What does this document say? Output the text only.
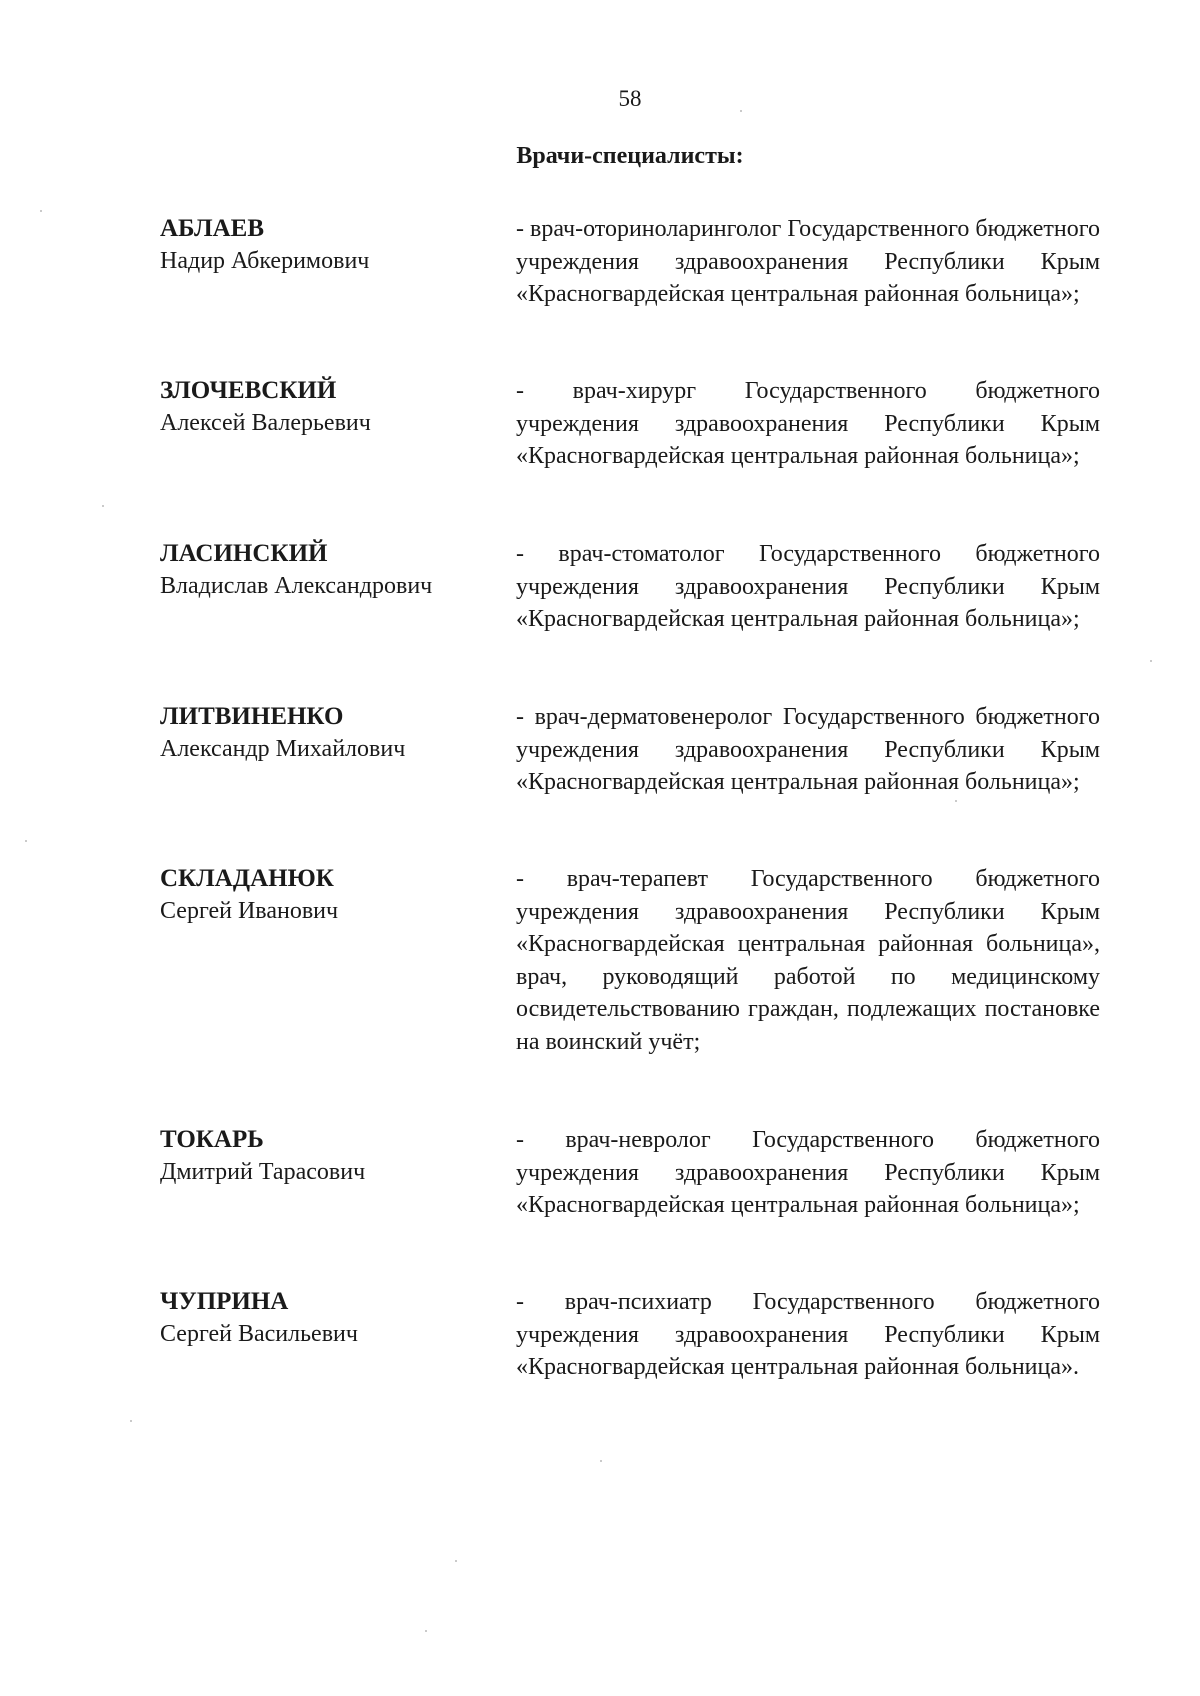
58
Врачи-специалисты:
АБЛАЕВ
Надир Абкеримович
- врач-оториноларинголог Государственного бюджетного учреждения здравоохранения Республики Крым «Красногвардейская центральная районная больница»;
ЗЛОЧЕВСКИЙ
Алексей Валерьевич
- врач-хирург Государственного бюджетного учреждения здравоохранения Республики Крым «Красногвардейская центральная районная больница»;
ЛАСИНСКИЙ
Владислав Александрович
- врач-стоматолог Государственного бюджетного учреждения здравоохранения Республики Крым «Красногвардейская центральная районная больница»;
ЛИТВИНЕНКО
Александр Михайлович
- врач-дерматовенеролог Государственного бюджетного учреждения здравоохранения Республики Крым «Красногвардейская центральная районная больница»;
СКЛАДАНЮК
Сергей Иванович
- врач-терапевт Государственного бюджетного учреждения здравоохранения Республики Крым «Красногвардейская центральная районная больница», врач, руководящий работой по медицинскому освидетельствованию граждан, подлежащих постановке на воинский учёт;
ТОКАРЬ
Дмитрий Тарасович
- врач-невролог Государственного бюджетного учреждения здравоохранения Республики Крым «Красногвардейская центральная районная больница»;
ЧУПРИНА
Сергей Васильевич
- врач-психиатр Государственного бюджетного учреждения здравоохранения Республики Крым «Красногвардейская центральная районная больница».
